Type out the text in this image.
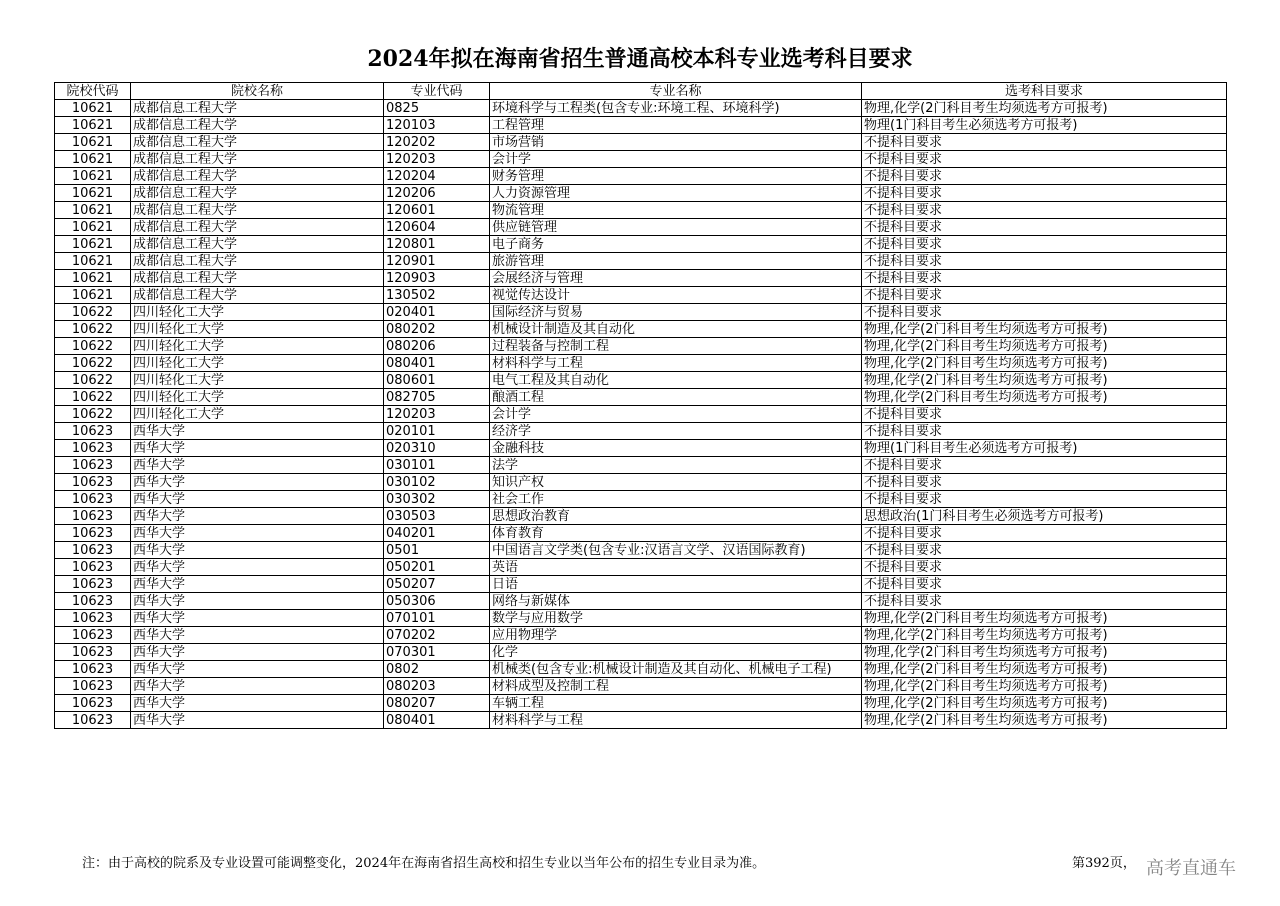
2024年拟在海南省招生普通高校本科专业选考科目要求
院校代码	院校名称	专业代码	专业名称	选考科目要求
10621	成都信息工程大学	0825	环境科学与工程类(包含专业:环境工程、环境科学)	物理,化学(2门科目考生均须选考方可报考)
10621	成都信息工程大学	120103	工程管理	物理(1门科目考生必须选考方可报考)
10621	成都信息工程大学	120202	市场营销	不提科目要求
10621	成都信息工程大学	120203	会计学	不提科目要求
10621	成都信息工程大学	120204	财务管理	不提科目要求
10621	成都信息工程大学	120206	人力资源管理	不提科目要求
10621	成都信息工程大学	120601	物流管理	不提科目要求
10621	成都信息工程大学	120604	供应链管理	不提科目要求
10621	成都信息工程大学	120801	电子商务	不提科目要求
10621	成都信息工程大学	120901	旅游管理	不提科目要求
10621	成都信息工程大学	120903	会展经济与管理	不提科目要求
10621	成都信息工程大学	130502	视觉传达设计	不提科目要求
10622	四川轻化工大学	020401	国际经济与贸易	不提科目要求
10622	四川轻化工大学	080202	机械设计制造及其自动化	物理,化学(2门科目考生均须选考方可报考)
10622	四川轻化工大学	080206	过程装备与控制工程	物理,化学(2门科目考生均须选考方可报考)
10622	四川轻化工大学	080401	材料科学与工程	物理,化学(2门科目考生均须选考方可报考)
10622	四川轻化工大学	080601	电气工程及其自动化	物理,化学(2门科目考生均须选考方可报考)
10622	四川轻化工大学	082705	酿酒工程	物理,化学(2门科目考生均须选考方可报考)
10622	四川轻化工大学	120203	会计学	不提科目要求
10623	西华大学	020101	经济学	不提科目要求
10623	西华大学	020310	金融科技	物理(1门科目考生必须选考方可报考)
10623	西华大学	030101	法学	不提科目要求
10623	西华大学	030102	知识产权	不提科目要求
10623	西华大学	030302	社会工作	不提科目要求
10623	西华大学	030503	思想政治教育	思想政治(1门科目考生必须选考方可报考)
10623	西华大学	040201	体育教育	不提科目要求
10623	西华大学	0501	中国语言文学类(包含专业:汉语言文学、汉语国际教育)	不提科目要求
10623	西华大学	050201	英语	不提科目要求
10623	西华大学	050207	日语	不提科目要求
10623	西华大学	050306	网络与新媒体	不提科目要求
10623	西华大学	070101	数学与应用数学	物理,化学(2门科目考生均须选考方可报考)
10623	西华大学	070202	应用物理学	物理,化学(2门科目考生均须选考方可报考)
10623	西华大学	070301	化学	物理,化学(2门科目考生均须选考方可报考)
10623	西华大学	0802	机械类(包含专业:机械设计制造及其自动化、机械电子工程)	物理,化学(2门科目考生均须选考方可报考)
10623	西华大学	080203	材料成型及控制工程	物理,化学(2门科目考生均须选考方可报考)
10623	西华大学	080207	车辆工程	物理,化学(2门科目考生均须选考方可报考)
10623	西华大学	080401	材料科学与工程	物理,化学(2门科目考生均须选考方可报考)
注：由于高校的院系及专业设置可能调整变化，2024年在海南省招生高校和招生专业以当年公布的招生专业目录为准。	第392页， 高考直通车
